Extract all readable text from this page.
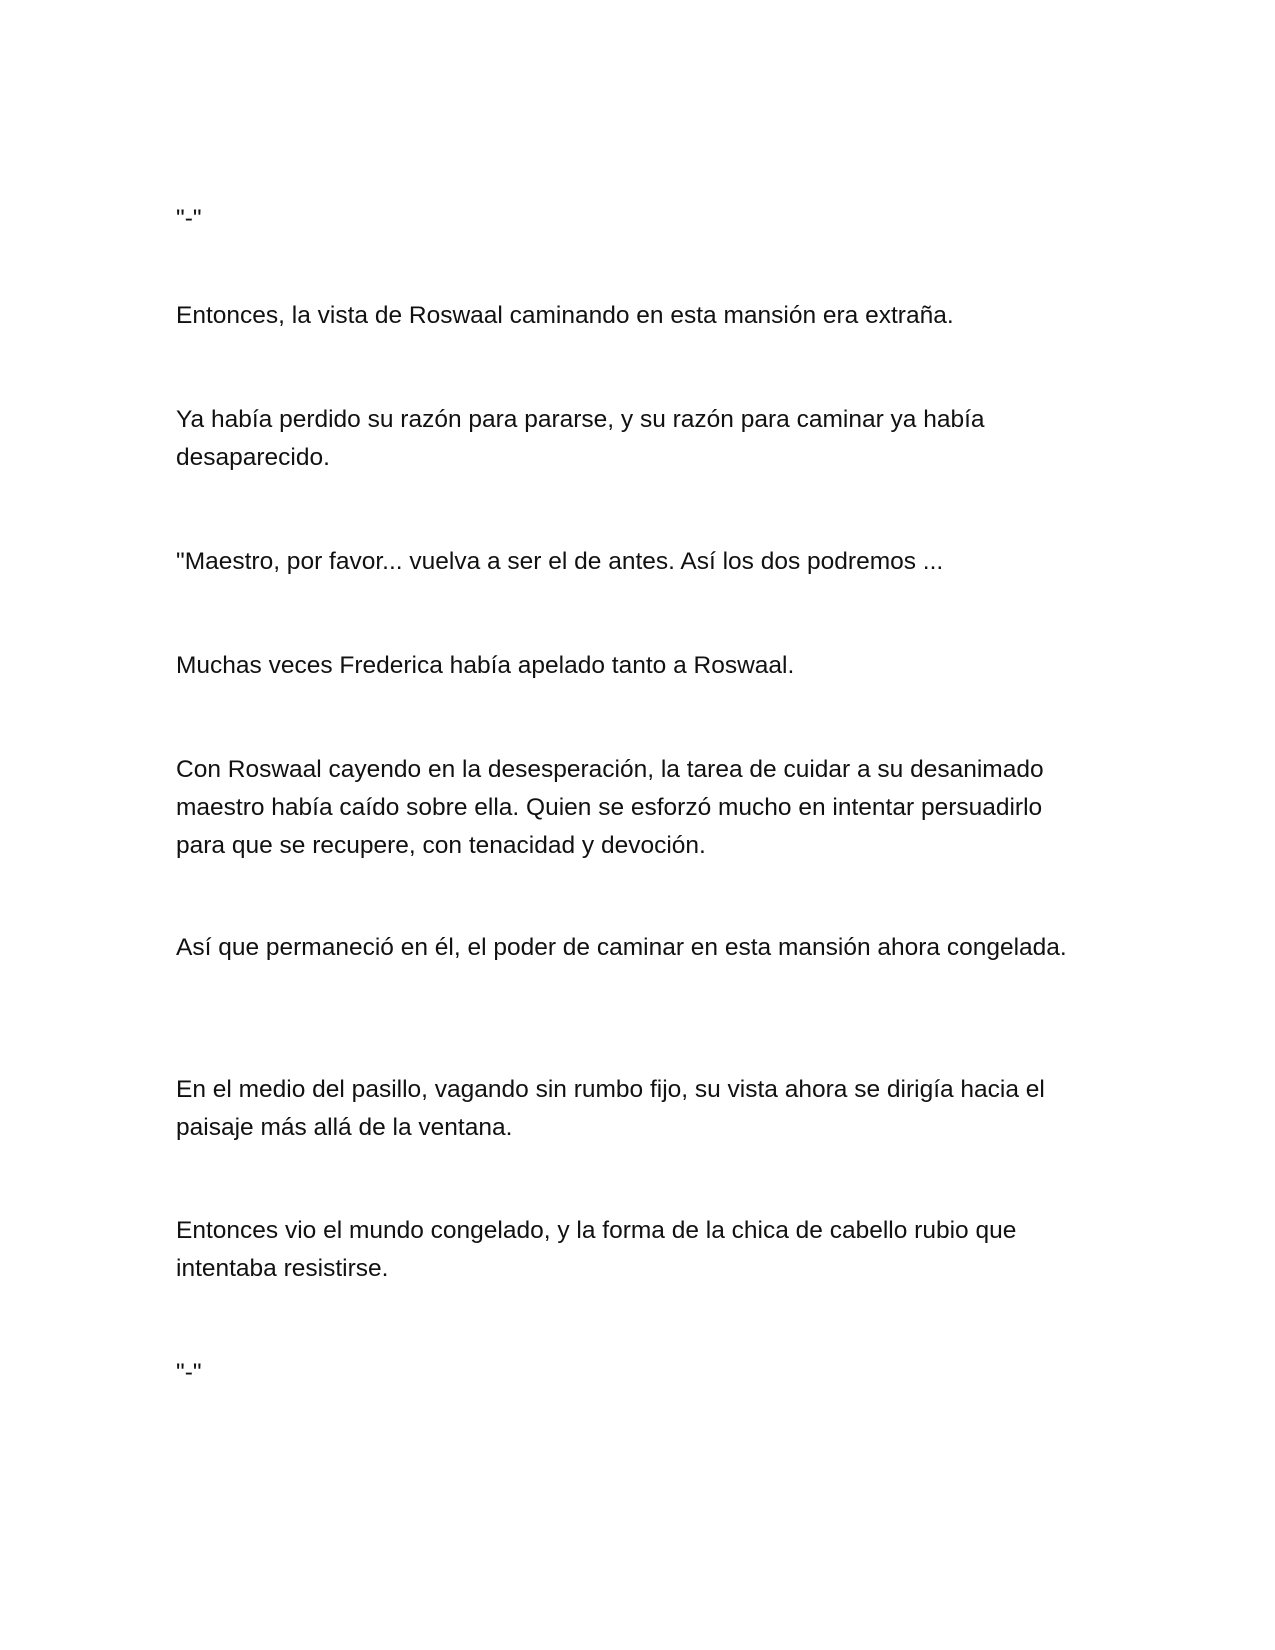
"-"

Entonces, la vista de Roswaal caminando en esta mansión era extraña.

Ya había perdido su razón para pararse, y su razón para caminar ya había desaparecido.

"Maestro, por favor... vuelva a ser el de antes. Así los dos podremos ...

Muchas veces Frederica había apelado tanto a Roswaal.

Con Roswaal cayendo en la desesperación, la tarea de cuidar a su desanimado maestro había caído sobre ella. Quien se esforzó mucho en intentar persuadirlo para que se recupere, con tenacidad y devoción.

Así que permaneció en él, el poder de caminar en esta mansión ahora congelada.

En el medio del pasillo, vagando sin rumbo fijo, su vista ahora se dirigía hacia el paisaje más allá de la ventana.

Entonces vio el mundo congelado, y la forma de la chica de cabello rubio que intentaba resistirse.

"-"
